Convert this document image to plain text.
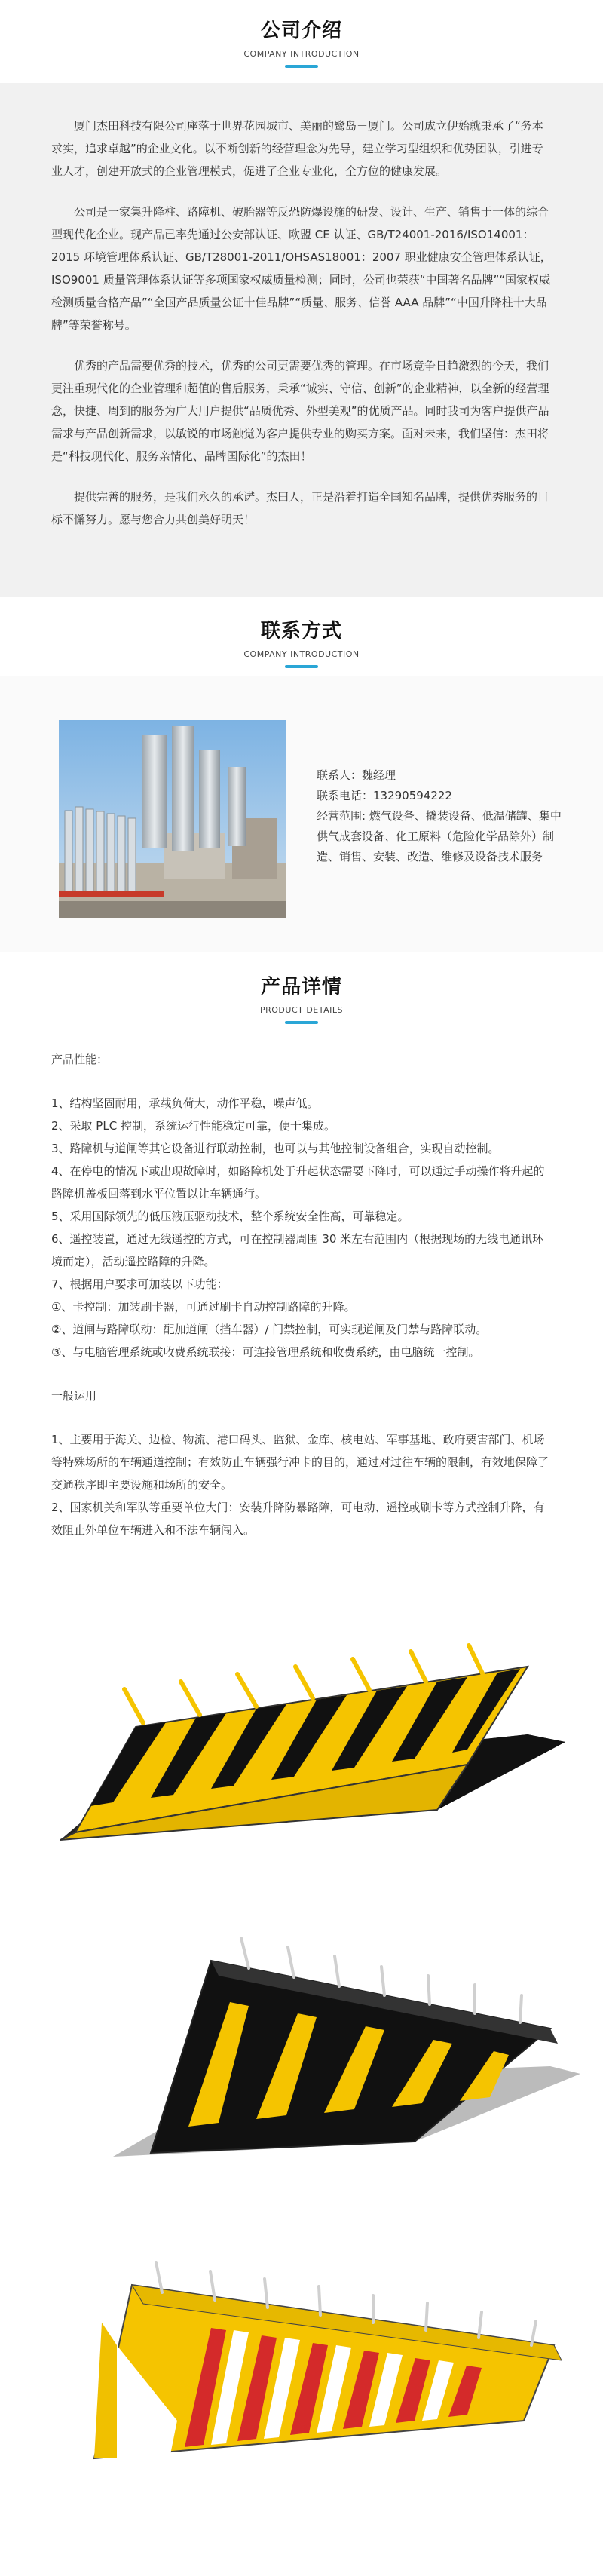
公司介绍
COMPANY INTRODUCTION

厦门杰田科技有限公司座落于世界花园城市、美丽的鹭岛－厦门。公司成立伊始就秉承了“务本求实，追求卓越”的企业文化。以不断创新的经营理念为先导，建立学习型组织和优势团队，引进专业人才，创建开放式的企业管理模式，促进了企业专业化，全方位的健康发展。

公司是一家集升降柱、路障机、破胎器等反恐防爆设施的研发、设计、生产、销售于一体的综合型现代化企业。现产品已率先通过公安部认证、欧盟 CE 认证、GB/T24001-2016/ISO14001：2015 环境管理体系认证、GB/T28001-2011/OHSAS18001：2007 职业健康安全管理体系认证，ISO9001 质量管理体系认证等多项国家权威质量检测；同时，公司也荣获“中国著名品牌”“国家权威检测质量合格产品”“全国产品质量公证十佳品牌”“质量、服务、信誉 AAA 品牌”“中国升降柱十大品牌”等荣誉称号。

优秀的产品需要优秀的技术，优秀的公司更需要优秀的管理。在市场竞争日趋激烈的今天，我们更注重现代化的企业管理和超值的售后服务，秉承“诚实、守信、创新”的企业精神，以全新的经营理念，快捷、周到的服务为广大用户提供“品质优秀、外型美观”的优质产品。同时我司为客户提供产品需求与产品创新需求，以敏锐的市场触觉为客户提供专业的购买方案。面对未来，我们坚信：杰田将是“科技现代化、服务亲情化、品牌国际化”的杰田！

提供完善的服务，是我们永久的承诺。杰田人，正是沿着打造全国知名品牌，提供优秀服务的目标不懈努力。愿与您合力共创美好明天！

联系方式
COMPANY INTRODUCTION
联系人：魏经理
联系电话：13290594222
经营范围: 燃气设备、撬装设备、低温储罐、集中供气成套设备、化工原料（危险化学品除外）制造、销售、安装、改造、维修及设备技术服务
产品详情
PRODUCT DETAILS
产品性能：
1、结构坚固耐用，承载负荷大，动作平稳，噪声低。
2、采取 PLC 控制，系统运行性能稳定可靠，便于集成。
3、路障机与道闸等其它设备进行联动控制，也可以与其他控制设备组合，实现自动控制。
4、在停电的情况下或出现故障时，如路障机处于升起状态需要下降时，可以通过手动操作将升起的路障机盖板回落到水平位置以让车辆通行。
5、采用国际领先的低压液压驱动技术，整个系统安全性高，可靠稳定。
6、遥控装置，通过无线遥控的方式，可在控制器周围 30 米左右范围内（根据现场的无线电通讯环境而定），活动遥控路障的升降。
7、根据用户要求可加装以下功能：
①、卡控制：加装刷卡器，可通过刷卡自动控制路障的升降。
②、道闸与路障联动：配加道闸（挡车器）/ 门禁控制，可实现道闸及门禁与路障联动。
③、与电脑管理系统或收费系统联接：可连接管理系统和收费系统，由电脑统一控制。
一般运用
1、主要用于海关、边检、物流、港口码头、监狱、金库、核电站、军事基地、政府要害部门、机场等特殊场所的车辆通道控制；有效防止车辆强行冲卡的目的，通过对过往车辆的限制，有效地保障了交通秩序即主要设施和场所的安全。
2、国家机关和军队等重要单位大门：安装升降防暴路障，可电动、遥控或刷卡等方式控制升降，有效阻止外单位车辆进入和不法车辆闯入。
